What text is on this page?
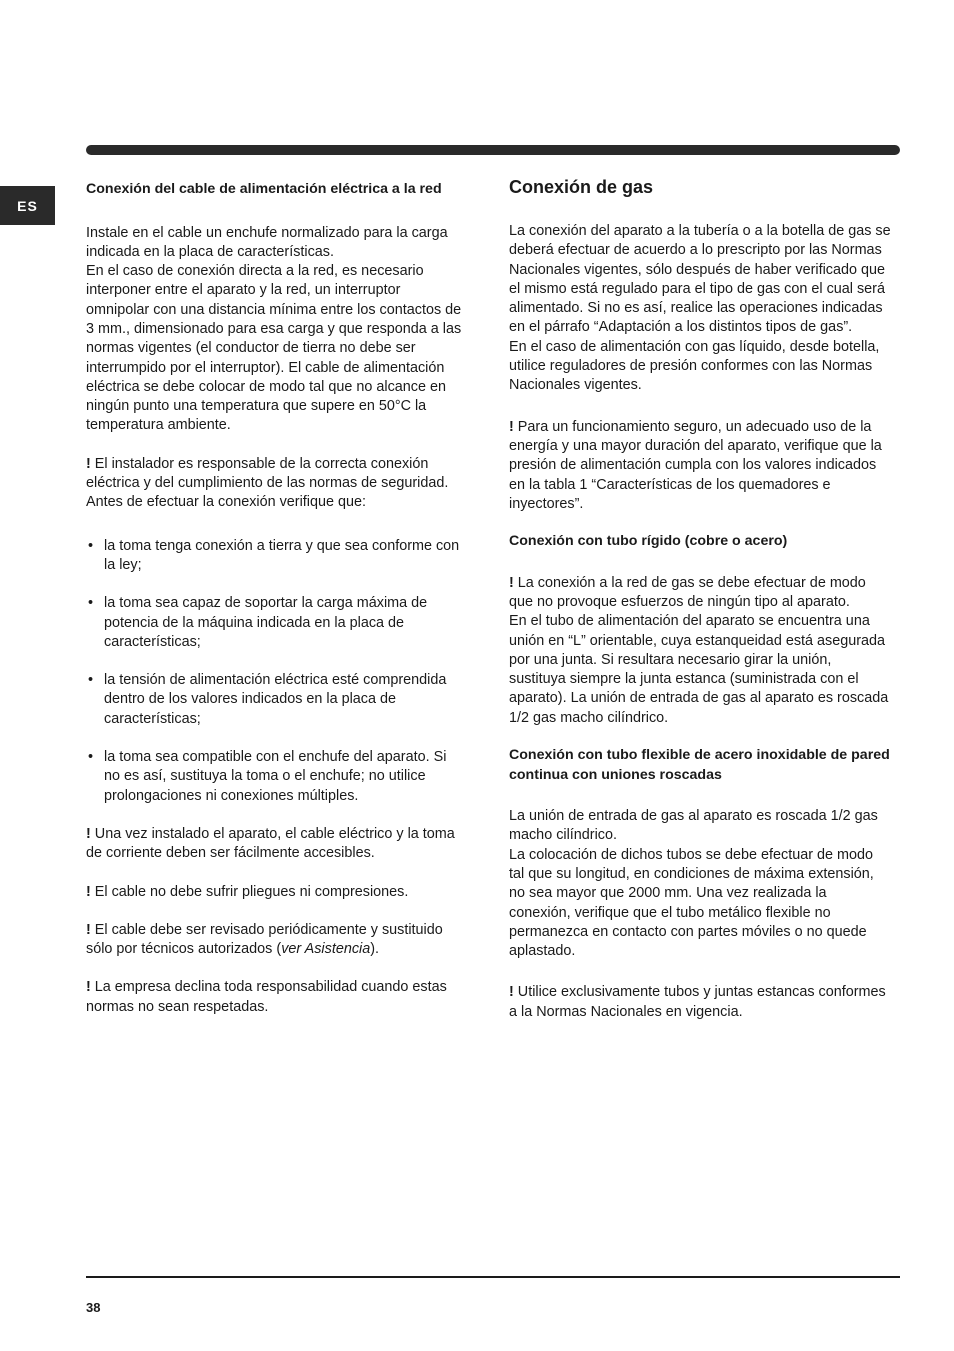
ES

Conexión del cable de alimentación eléctrica a la red

Instale en el cable un enchufe normalizado para la carga indicada en la placa de características.

En el caso de conexión directa a la red, es necesario interponer entre el aparato y la red, un interruptor omnipolar con una distancia mínima entre los contactos de 3 mm., dimensionado para esa carga y que responda a las normas vigentes (el conductor de tierra no debe ser interrumpido por el interruptor). El cable de alimentación eléctrica se debe colocar de modo tal que no alcance en ningún punto una temperatura que supere en 50°C la temperatura ambiente.

! El instalador es responsable de la correcta conexión eléctrica y del cumplimiento de las normas de seguridad.

Antes de efectuar la conexión verifique que:

• la toma tenga conexión a tierra y que sea conforme con la ley;
• la toma sea capaz de soportar la carga máxima de potencia de la máquina indicada en la placa de características;
• la tensión de alimentación eléctrica esté comprendida dentro de los valores indicados en la placa de características;
• la toma sea compatible con el enchufe del aparato. Si no es así, sustituya la toma o el enchufe; no utilice prolongaciones ni conexiones múltiples.

! Una vez instalado el aparato, el cable eléctrico y la toma de corriente deben ser fácilmente accesibles.

! El cable no debe sufrir pliegues ni compresiones.

! El cable debe ser revisado periódicamente y sustituido sólo por técnicos autorizados (ver Asistencia).

! La empresa declina toda responsabilidad cuando estas normas no sean respetadas.

Conexión de gas

La conexión del aparato a la tubería o a la botella de gas se deberá efectuar de acuerdo a lo prescripto por las Normas Nacionales vigentes, sólo después de haber verificado que el mismo está regulado para el tipo de gas con el cual será alimentado. Si no es así, realice las operaciones indicadas en el párrafo “Adaptación a los distintos tipos de gas”.

En el caso de alimentación con gas líquido, desde botella, utilice reguladores de presión conformes con las Normas Nacionales vigentes.

! Para un funcionamiento seguro, un adecuado uso de la energía y una mayor duración del aparato, verifique que la presión de alimentación cumpla con los valores indicados en la tabla 1 “Características de los quemadores e inyectores”.

Conexión con tubo rígido (cobre o acero)

! La conexión a la red de gas se debe efectuar de modo que no provoque esfuerzos de ningún tipo al aparato.

En el tubo de alimentación del aparato se encuentra una unión en “L” orientable, cuya estanqueidad está asegurada por una junta. Si resultara necesario girar la unión, sustituya siempre la junta estanca (suministrada con el aparato). La unión de entrada de gas al aparato es roscada 1/2 gas macho cilíndrico.

Conexión con tubo flexible de acero inoxidable de pared continua con uniones roscadas

La unión de entrada de gas al aparato es roscada 1/2 gas macho cilíndrico.

La colocación de dichos tubos se debe efectuar de modo tal que su longitud, en condiciones de máxima extensión, no sea mayor que 2000 mm. Una vez realizada la conexión, verifique que el tubo metálico flexible no permanezca en contacto con partes móviles o no quede aplastado.

! Utilice exclusivamente tubos y juntas estancas conformes a la Normas Nacionales en vigencia.

38
